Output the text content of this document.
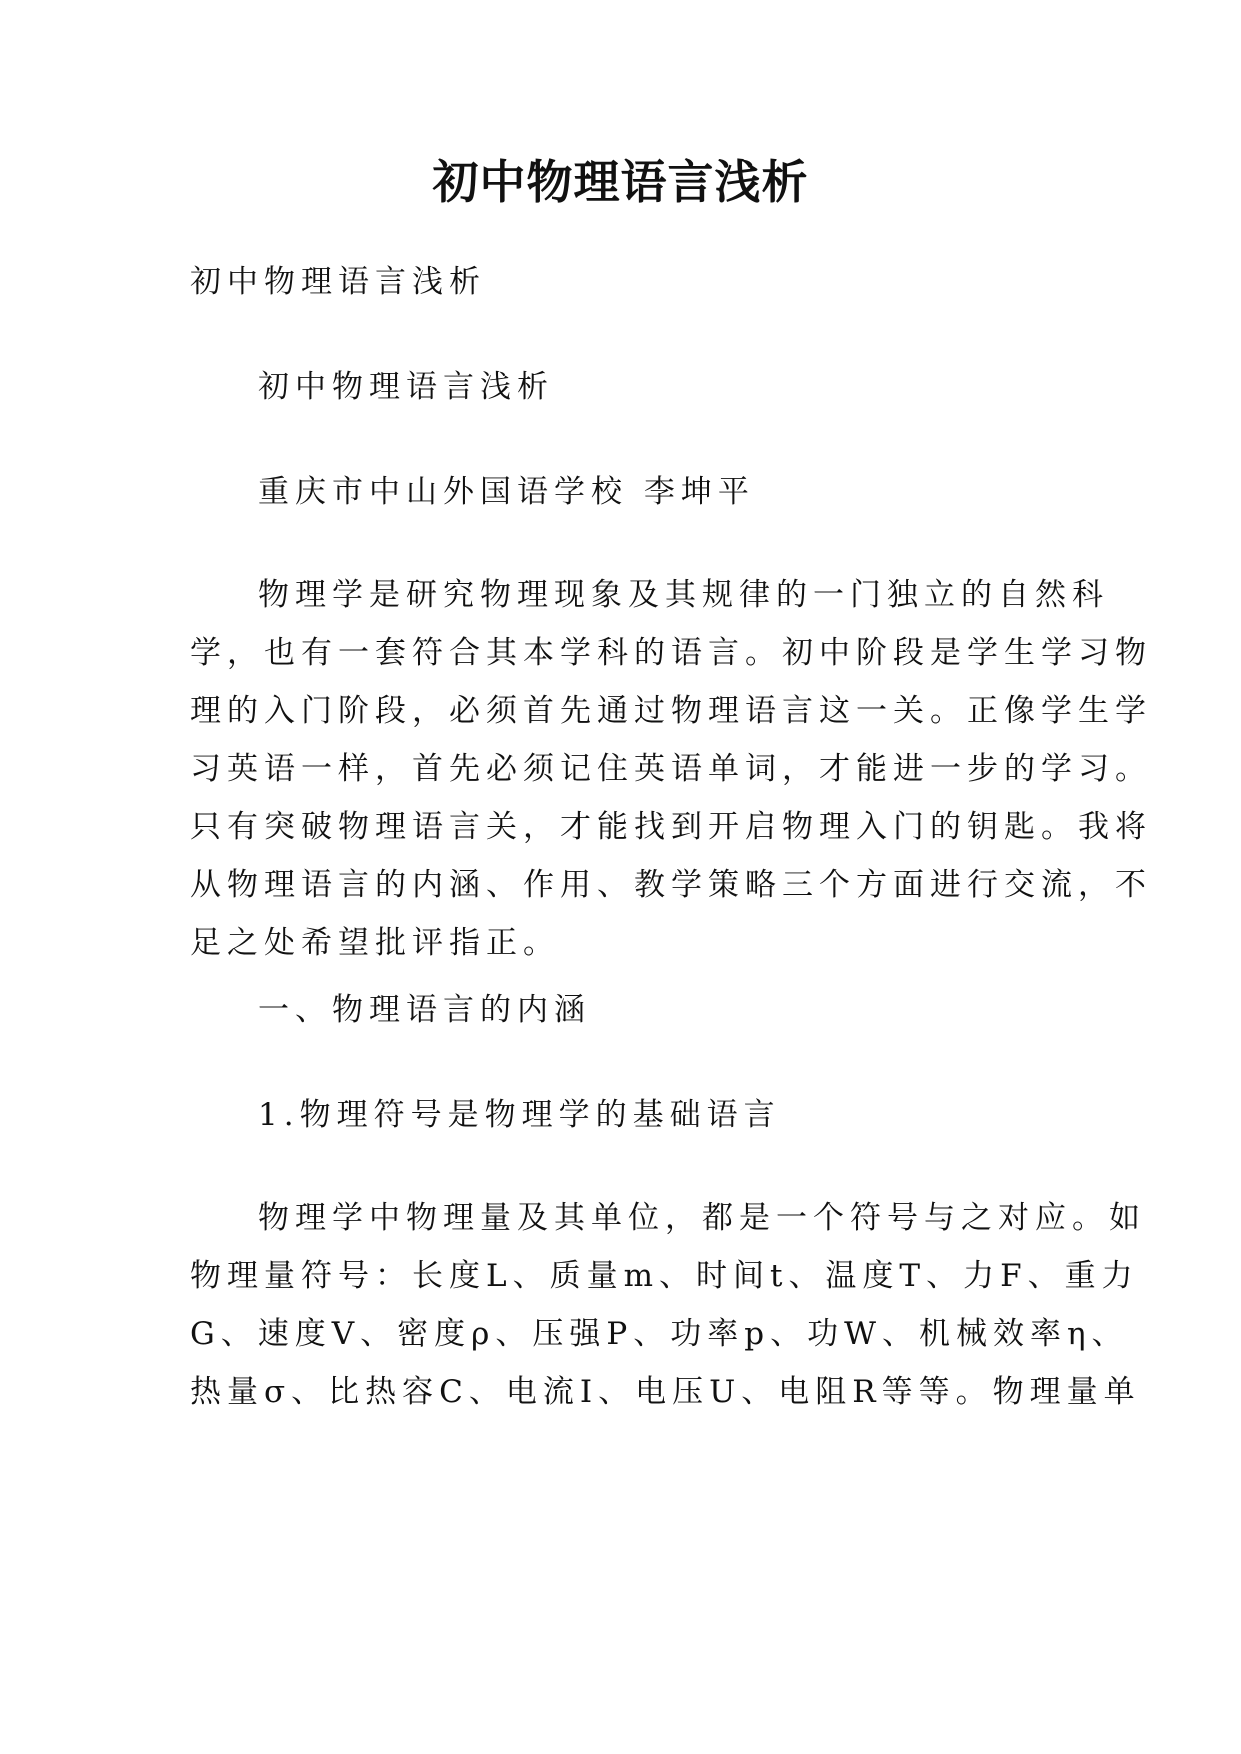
初中物理语言浅析
初中物理语言浅析
初中物理语言浅析
重庆市中山外国语学校 李坤平
物理学是研究物理现象及其规律的一门独立的自然科
学，也有一套符合其本学科的语言。初中阶段是学生学习物
理的入门阶段，必须首先通过物理语言这一关。正像学生学
习英语一样，首先必须记住英语单词，才能进一步的学习。
只有突破物理语言关，才能找到开启物理入门的钥匙。我将
从物理语言的内涵、作用、教学策略三个方面进行交流，不
足之处希望批评指正。
一、物理语言的内涵
1.物理符号是物理学的基础语言
物理学中物理量及其单位，都是一个符号与之对应。如
物理量符号：长度L、质量m、时间t、温度T、力F、重力
G、速度V、密度ρ、压强P、功率p、功W、机械效率η、
热量σ、比热容C、电流I、电压U、电阻R等等。物理量单
